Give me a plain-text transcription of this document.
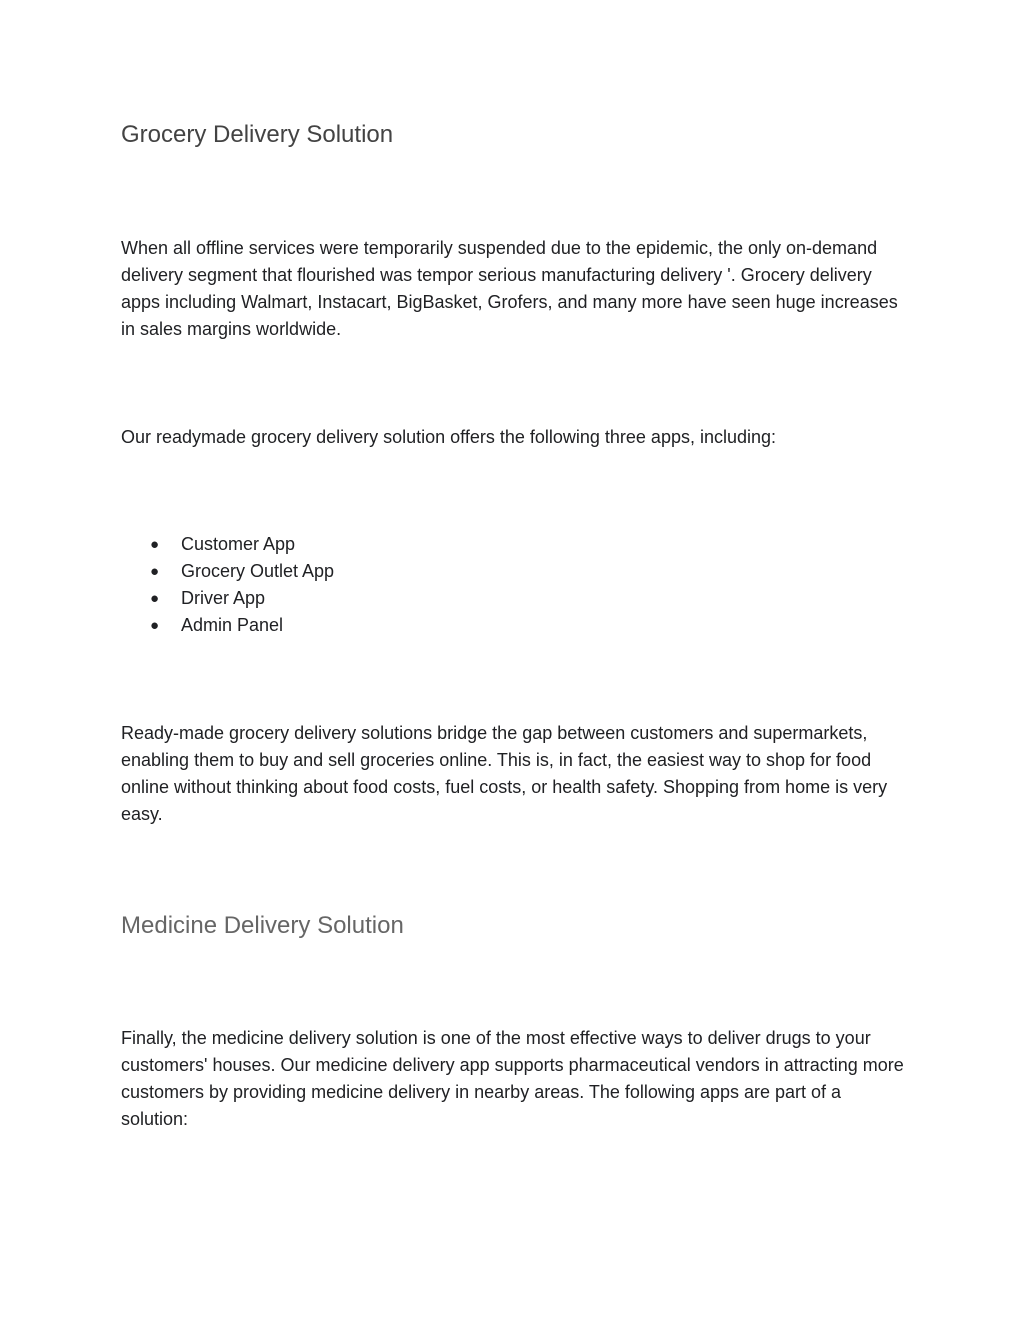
Grocery Delivery Solution

When all offline services were temporarily suspended due to the epidemic, the only on-demand delivery segment that flourished was tempor serious manufacturing delivery '. Grocery delivery apps including Walmart, Instacart, BigBasket, Grofers, and many more have seen huge increases in sales margins worldwide.

Our readymade grocery delivery solution offers the following three apps, including:

● Customer App
● Grocery Outlet App
● Driver App
● Admin Panel

Ready-made grocery delivery solutions bridge the gap between customers and supermarkets, enabling them to buy and sell groceries online. This is, in fact, the easiest way to shop for food online without thinking about food costs, fuel costs, or health safety. Shopping from home is very easy.

Medicine Delivery Solution

Finally, the medicine delivery solution is one of the most effective ways to deliver drugs to your customers' houses. Our medicine delivery app supports pharmaceutical vendors in attracting more customers by providing medicine delivery in nearby areas. The following apps are part of a solution:
